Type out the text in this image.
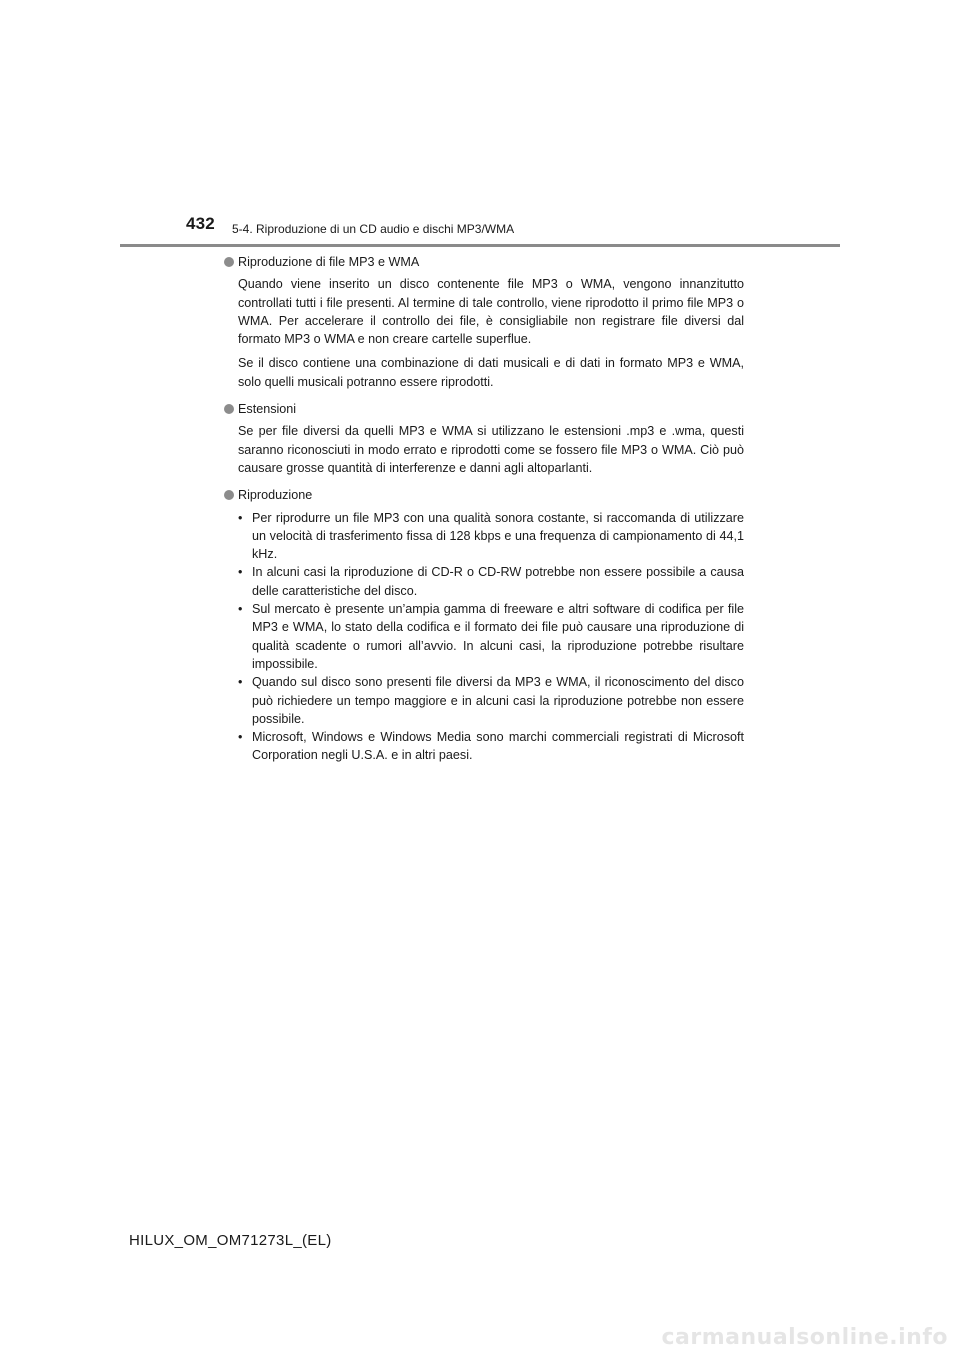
432 5-4. Riproduzione di un CD audio e dischi MP3/WMA
Riproduzione di file MP3 e WMA

Quando viene inserito un disco contenente file MP3 o WMA, vengono innanzitutto controllati tutti i file presenti. Al termine di tale controllo, viene riprodotto il primo file MP3 o WMA. Per accelerare il controllo dei file, è consigliabile non registrare file diversi dal formato MP3 o WMA e non creare cartelle superflue.

Se il disco contiene una combinazione di dati musicali e di dati in formato MP3 e WMA, solo quelli musicali potranno essere riprodotti.

Estensioni

Se per file diversi da quelli MP3 e WMA si utilizzano le estensioni .mp3 e .wma, questi saranno riconosciuti in modo errato e riprodotti come se fossero file MP3 o WMA. Ciò può causare grosse quantità di interferenze e danni agli altoparlanti.

Riproduzione
• Per riprodurre un file MP3 con una qualità sonora costante, si raccomanda di utilizzare un velocità di trasferimento fissa di 128 kbps e una frequenza di campionamento di 44,1 kHz.
• In alcuni casi la riproduzione di CD-R o CD-RW potrebbe non essere possibile a causa delle caratteristiche del disco.
• Sul mercato è presente un’ampia gamma di freeware e altri software di codifica per file MP3 e WMA, lo stato della codifica e il formato dei file può causare una riproduzione di qualità scadente o rumori all’avvio. In alcuni casi, la riproduzione potrebbe risultare impossibile.
• Quando sul disco sono presenti file diversi da MP3 e WMA, il riconoscimento del disco può richiedere un tempo maggiore e in alcuni casi la riproduzione potrebbe non essere possibile.
• Microsoft, Windows e Windows Media sono marchi commerciali registrati di Microsoft Corporation negli U.S.A. e in altri paesi.
HILUX_OM_OM71273L_(EL)
carmanualsonline.info
